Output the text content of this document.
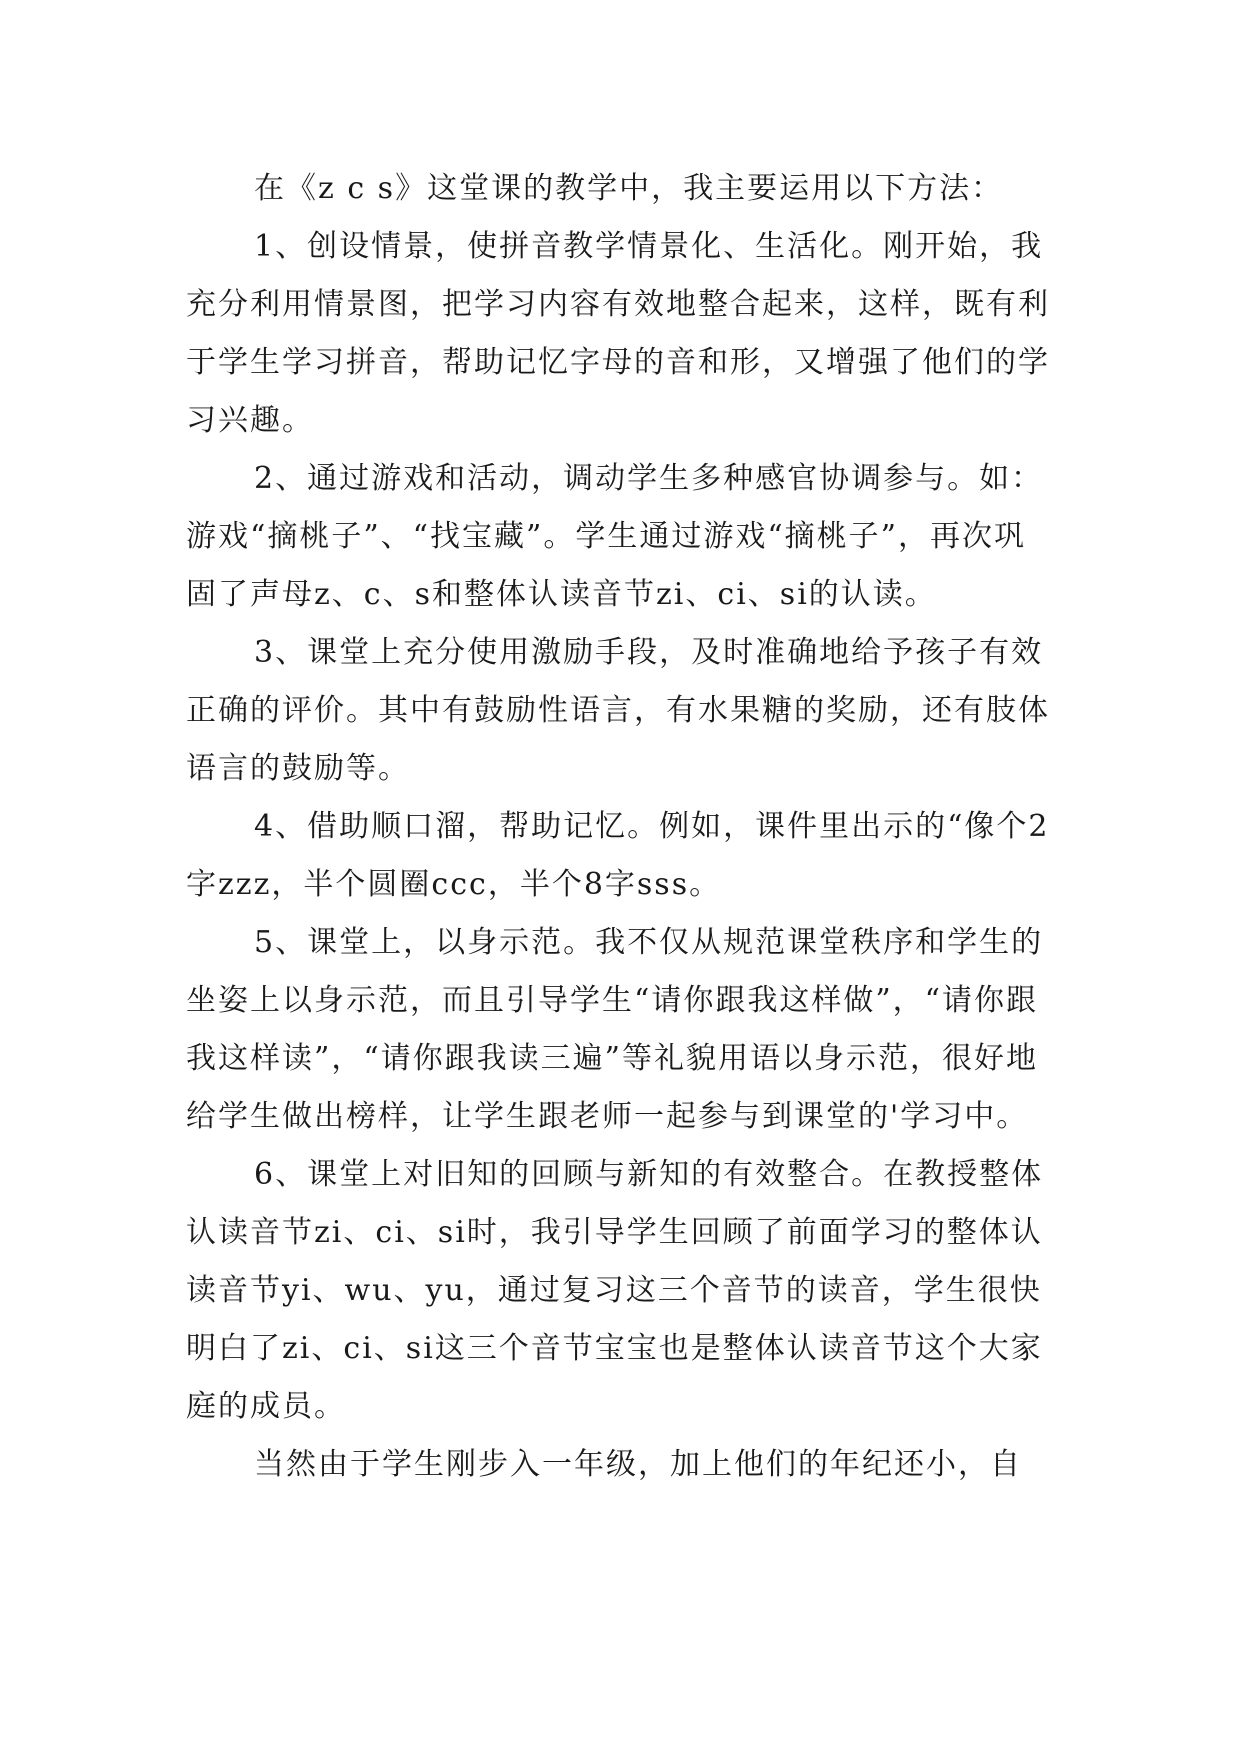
在《z c s》这堂课的教学中，我主要运用以下方法：

1、创设情景，使拼音教学情景化、生活化。刚开始，我充分利用情景图，把学习内容有效地整合起来，这样，既有利于学生学习拼音，帮助记忆字母的音和形，又增强了他们的学习兴趣。

2、通过游戏和活动，调动学生多种感官协调参与。如：游戏“摘桃子”、“找宝藏”。学生通过游戏“摘桃子”，再次巩固了声母z、c、s和整体认读音节zi、ci、si的认读。

3、课堂上充分使用激励手段，及时准确地给予孩子有效正确的评价。其中有鼓励性语言，有水果糖的奖励，还有肢体语言的鼓励等。

4、借助顺口溜，帮助记忆。例如，课件里出示的“像个2字zzz，半个圆圈ccc，半个8字sss。

5、课堂上，以身示范。我不仅从规范课堂秩序和学生的坐姿上以身示范，而且引导学生“请你跟我这样做”，“请你跟我这样读”，“请你跟我读三遍”等礼貌用语以身示范，很好地给学生做出榜样，让学生跟老师一起参与到课堂的'学习中。

6、课堂上对旧知的回顾与新知的有效整合。在教授整体认读音节zi、ci、si时，我引导学生回顾了前面学习的整体认读音节yi、wu、yu，通过复习这三个音节的读音，学生很快明白了zi、ci、si这三个音节宝宝也是整体认读音节这个大家庭的成员。

当然由于学生刚步入一年级，加上他们的年纪还小，自
